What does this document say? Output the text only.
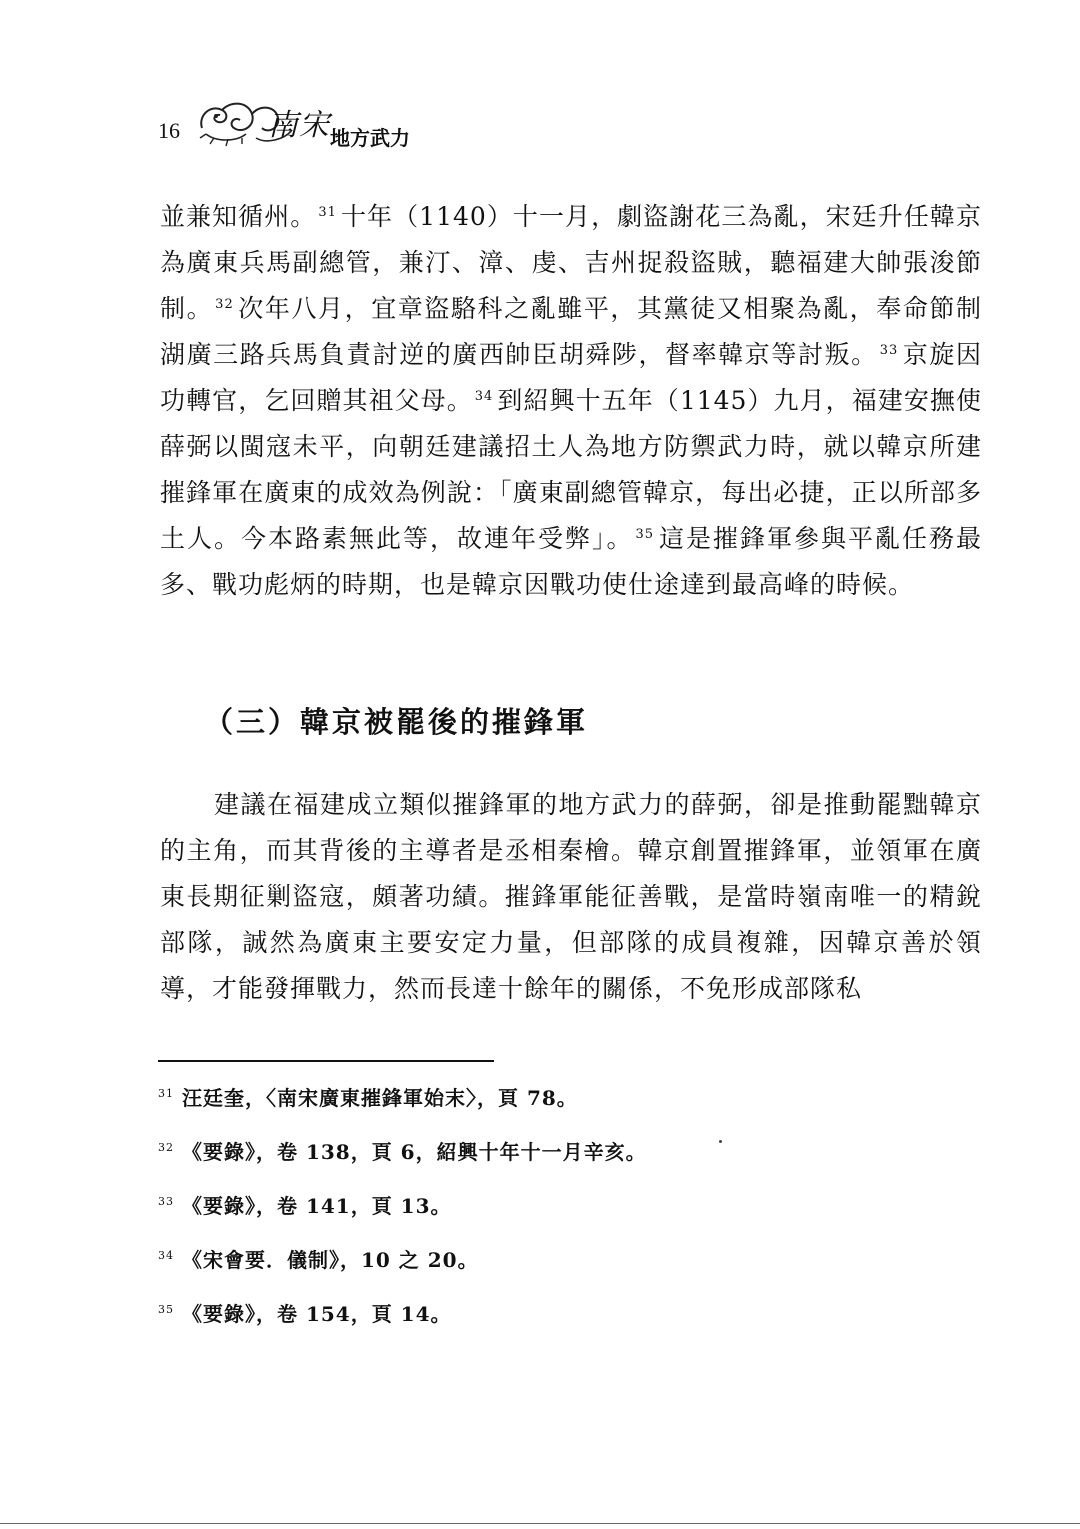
16	南宋 地方武力
並兼知循州。 $^{31}$ 十年（1140）十一月，劇盜謝花三為亂，宋廷升任韓京為廣東兵馬副總管，兼汀、漳、虔、吉州捉殺盜賊，聽福建大帥張浚節制。 $^{32}$ 次年八月，宜章盜駱科之亂雖平，其黨徒又相聚為亂，奉命節制湖廣三路兵馬負責討逆的廣西帥臣胡舜陟，督率韓京等討叛。 $^{33}$ 京旋因功轉官，乞回贈其祖父母。 $^{34}$ 到紹興十五年（1145）九月，福建安撫使薛弼以閩寇未平，向朝廷建議招土人為地方防禦武力時，就以韓京所建摧鋒軍在廣東的成效為例說：「廣東副總管韓京，每出必捷，正以所部多土人。今本路素無此等，故連年受弊」。 $^{35}$ 這是摧鋒軍參與平亂任務最多、戰功彪炳的時期，也是韓京因戰功使仕途達到最高峰的時候。
（三）韓京被罷後的摧鋒軍
建議在福建成立類似摧鋒軍的地方武力的薛弼，卻是推動罷黜韓京的主角，而其背後的主導者是丞相秦檜。韓京創置摧鋒軍，並領軍在廣東長期征剿盜寇，頗著功績。摧鋒軍能征善戰，是當時嶺南唯一的精銳部隊，誠然為廣東主要安定力量，但部隊的成員複雜，因韓京善於領導，才能發揮戰力，然而長達十餘年的關係，不免形成部隊私
$^{31}$ 汪廷奎，〈南宋廣東摧鋒軍始末〉，頁 78。
$^{32}$ 《要錄》，卷 138，頁 6，紹興十年十一月辛亥。
$^{33}$ 《要錄》，卷 141，頁 13。
$^{34}$ 《宋會要．儀制》，10 之 20。
$^{35}$ 《要錄》，卷 154，頁 14。
